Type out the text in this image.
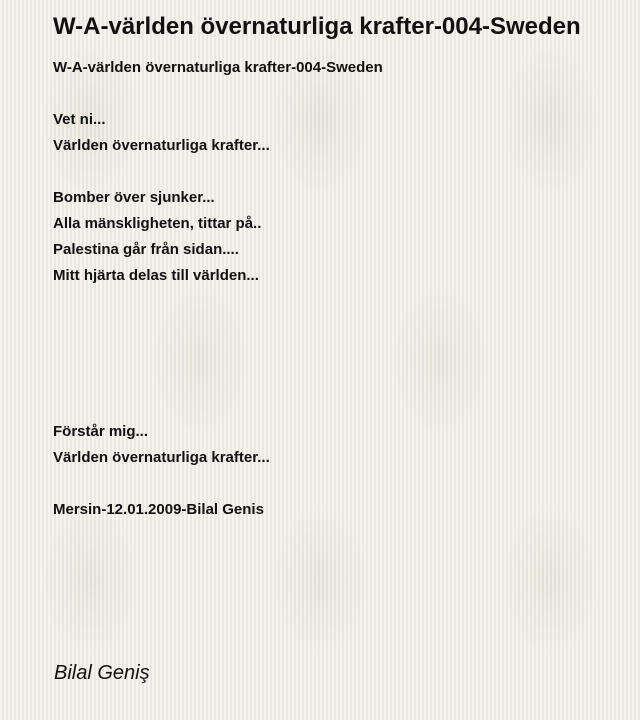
W-A-världen övernaturliga krafter-004-Sweden
W-A-världen övernaturliga krafter-004-Sweden
Vet ni...
Världen övernaturliga krafter...
Bomber över sjunker...
Alla mänskligheten, tittar på..
Palestina går från sidan....
Mitt hjärta delas till världen...
Förstår mig...
Världen övernaturliga krafter...
Mersin-12.01.2009-Bilal Genis
Bilal Geniş
